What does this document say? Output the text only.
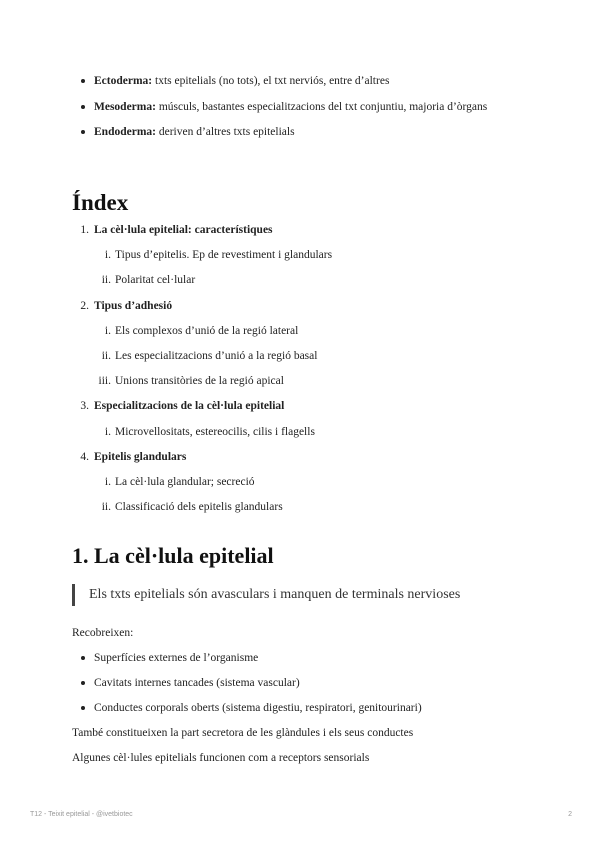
Ectoderma: txts epitelials (no tots), el txt nerviós, entre d’altres
Mesoderma: músculs, bastantes especialitzacions del txt conjuntiu, majoria d’òrgans
Endoderma: deriven d’altres txts epitelials
Índex
1. La cèl·lula epitelial: característiques
i. Tipus d’epitelis. Ep de revestiment i glandulars
ii. Polaritat cel·lular
2. Tipus d’adhesió
i. Els complexos d’unió de la regió lateral
ii. Les especialitzacions d’unió a la regió basal
iii. Unions transitòries de la regió apical
3. Especialitzacions de la cèl·lula epitelial
i. Microvellositats, estereocilis, cilis i flagells
4. Epitelis glandulars
i. La cèl·lula glandular; secreció
ii. Classificació dels epitelis glandulars
1. La cèl·lula epitelial
Els txts epitelials són avasculars i manquen de terminals nervioses
Recobreixen:
Superfícies externes de l’organisme
Cavitats internes tancades (sistema vascular)
Conductes corporals oberts (sistema digestiu, respiratori, genitourinari)
També constitueixen la part secretora de les glàndules i els seus conductes
Algunes cèl·lules epitelials funcionen com a receptors sensorials
T12 - Teixit epitelial - @ivetbiotec	2
